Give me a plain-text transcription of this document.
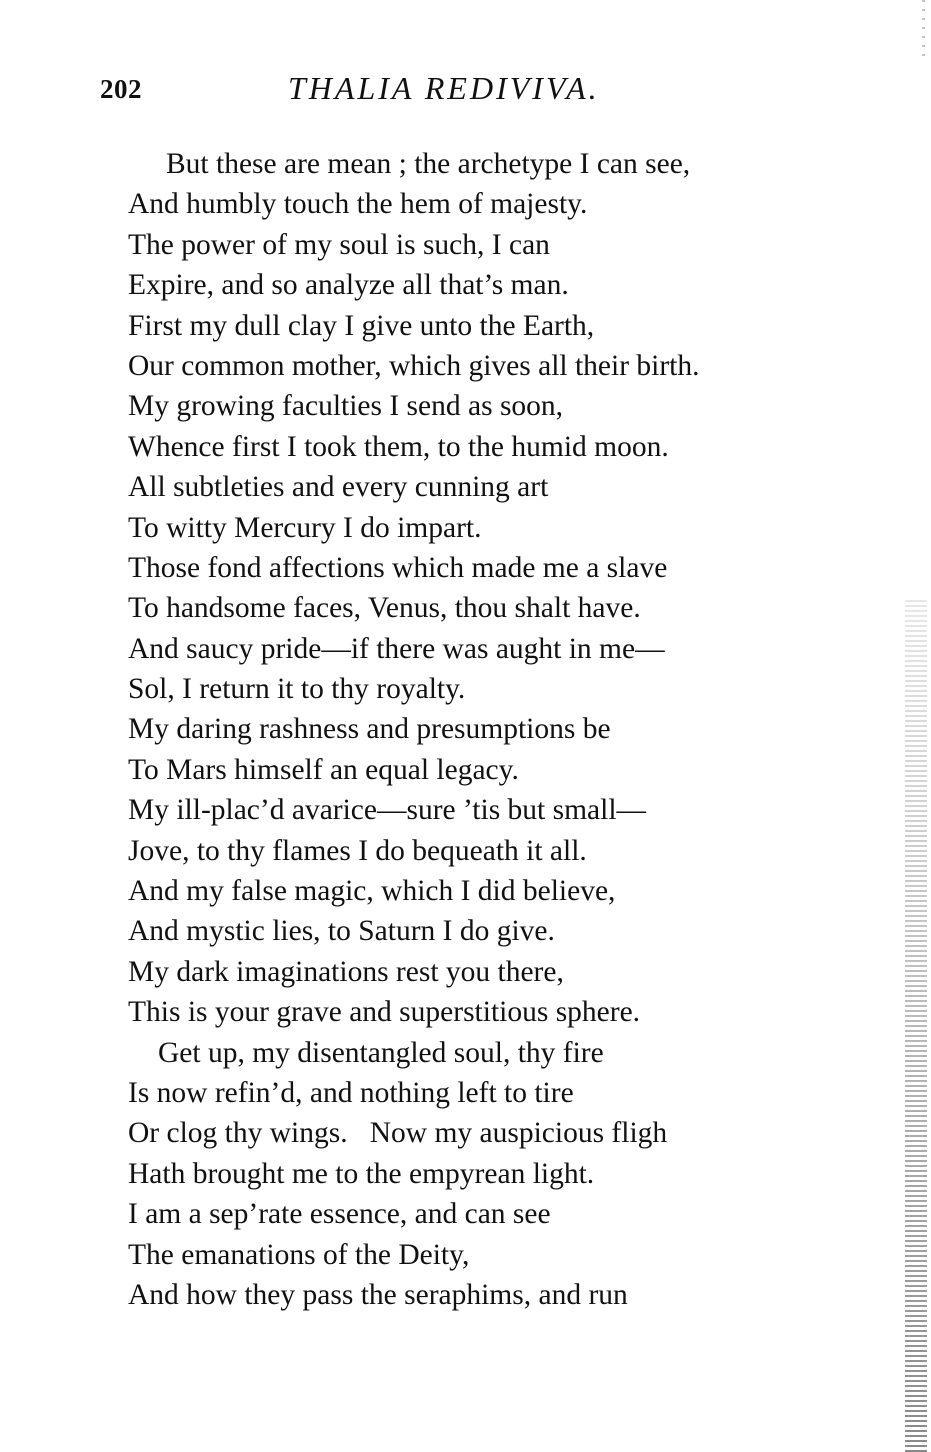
202	THALIA REDIVIVA.
But these are mean ; the archetype I can see,
And humbly touch the hem of majesty.
The power of my soul is such, I can
Expire, and so analyze all that’s man.
First my dull clay I give unto the Earth,
Our common mother, which gives all their birth.
My growing faculties I send as soon,
Whence first I took them, to the humid moon.
All subtleties and every cunning art
To witty Mercury I do impart.
Those fond affections which made me a slave
To handsome faces, Venus, thou shalt have.
And saucy pride—if there was aught in me—
Sol, I return it to thy royalty.
My daring rashness and presumptions be
To Mars himself an equal legacy.
My ill-plac’d avarice—sure ’tis but small—
Jove, to thy flames I do bequeath it all.
And my false magic, which I did believe,
And mystic lies, to Saturn I do give.
My dark imaginations rest you there,
This is your grave and superstitious sphere.
Get up, my disentangled soul, thy fire
Is now refin’d, and nothing left to tire
Or clog thy wings.   Now my auspicious fligh
Hath brought me to the empyrean light.
I am a sep’rate essence, and can see
The emanations of the Deity,
And how they pass the seraphims, and run
